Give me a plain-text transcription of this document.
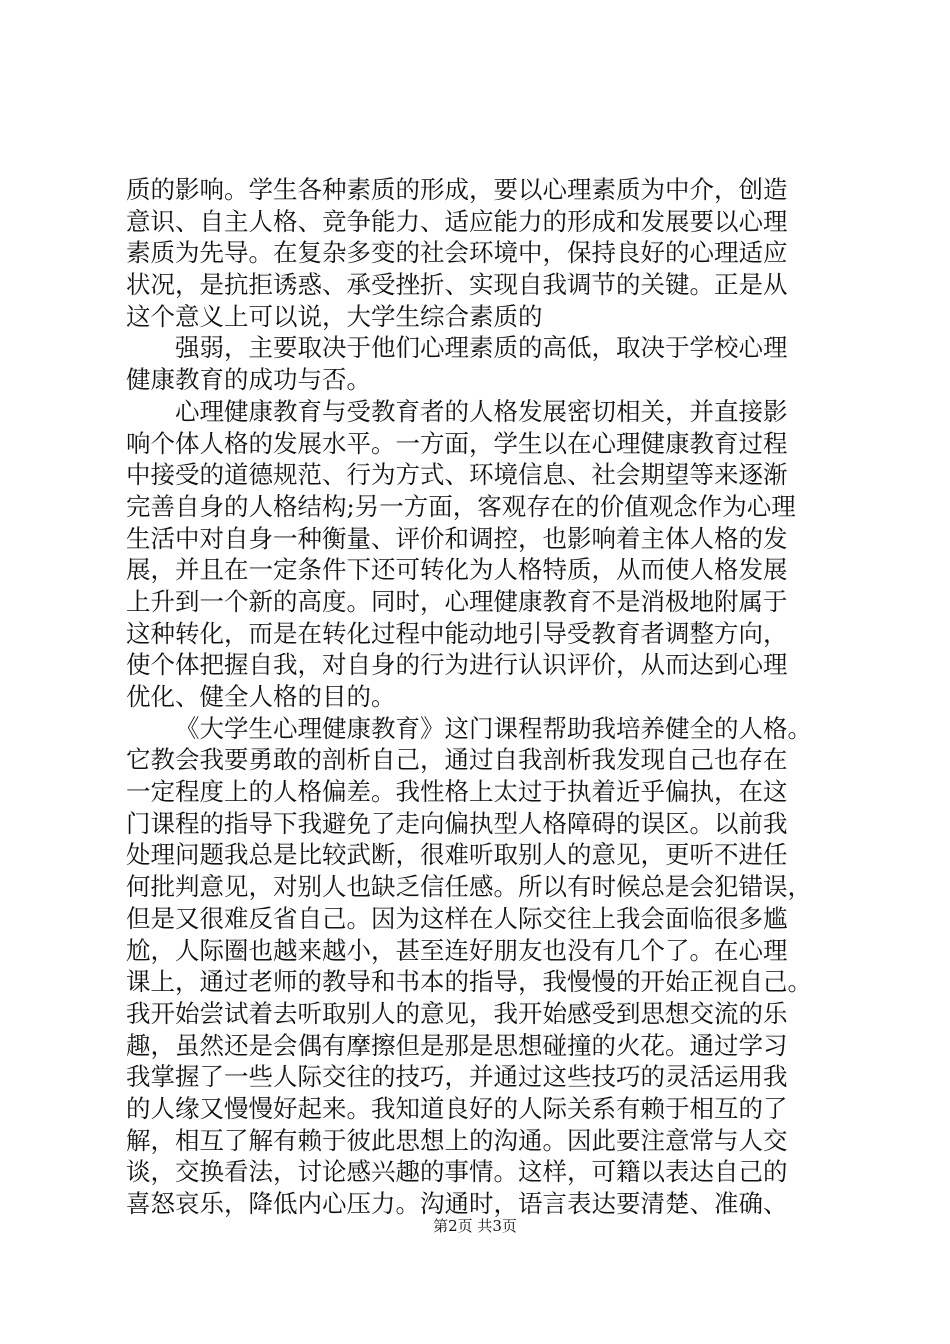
质的影响。学生各种素质的形成，要以心理素质为中介，创造
意识、自主人格、竞争能力、适应能力的形成和发展要以心理
素质为先导。在复杂多变的社会环境中，保持良好的心理适应
状况，是抗拒诱惑、承受挫折、实现自我调节的关键。正是从
这个意义上可以说，大学生综合素质的
强弱，主要取决于他们心理素质的高低，取决于学校心理
健康教育的成功与否。
心理健康教育与受教育者的人格发展密切相关，并直接影
响个体人格的发展水平。一方面，学生以在心理健康教育过程
中接受的道德规范、行为方式、环境信息、社会期望等来逐渐
完善自身的人格结构;另一方面，客观存在的价值观念作为心理
生活中对自身一种衡量、评价和调控，也影响着主体人格的发
展，并且在一定条件下还可转化为人格特质，从而使人格发展
上升到一个新的高度。同时，心理健康教育不是消极地附属于
这种转化，而是在转化过程中能动地引导受教育者调整方向，
使个体把握自我，对自身的行为进行认识评价，从而达到心理
优化、健全人格的目的。
《大学生心理健康教育》这门课程帮助我培养健全的人格。
它教会我要勇敢的剖析自己，通过自我剖析我发现自己也存在
一定程度上的人格偏差。我性格上太过于执着近乎偏执，在这
门课程的指导下我避免了走向偏执型人格障碍的误区。以前我
处理问题我总是比较武断，很难听取别人的意见，更听不进任
何批判意见，对别人也缺乏信任感。所以有时候总是会犯错误，
但是又很难反省自己。因为这样在人际交往上我会面临很多尴
尬，人际圈也越来越小，甚至连好朋友也没有几个了。在心理
课上，通过老师的教导和书本的指导，我慢慢的开始正视自己。
我开始尝试着去听取别人的意见，我开始感受到思想交流的乐
趣，虽然还是会偶有摩擦但是那是思想碰撞的火花。通过学习
我掌握了一些人际交往的技巧，并通过这些技巧的灵活运用我
的人缘又慢慢好起来。我知道良好的人际关系有赖于相互的了
解，相互了解有赖于彼此思想上的沟通。因此要注意常与人交
谈，交换看法，讨论感兴趣的事情。这样，可籍以表达自己的
喜怒哀乐，降低内心压力。沟通时，语言表达要清楚、准确、
第2页 共3页
